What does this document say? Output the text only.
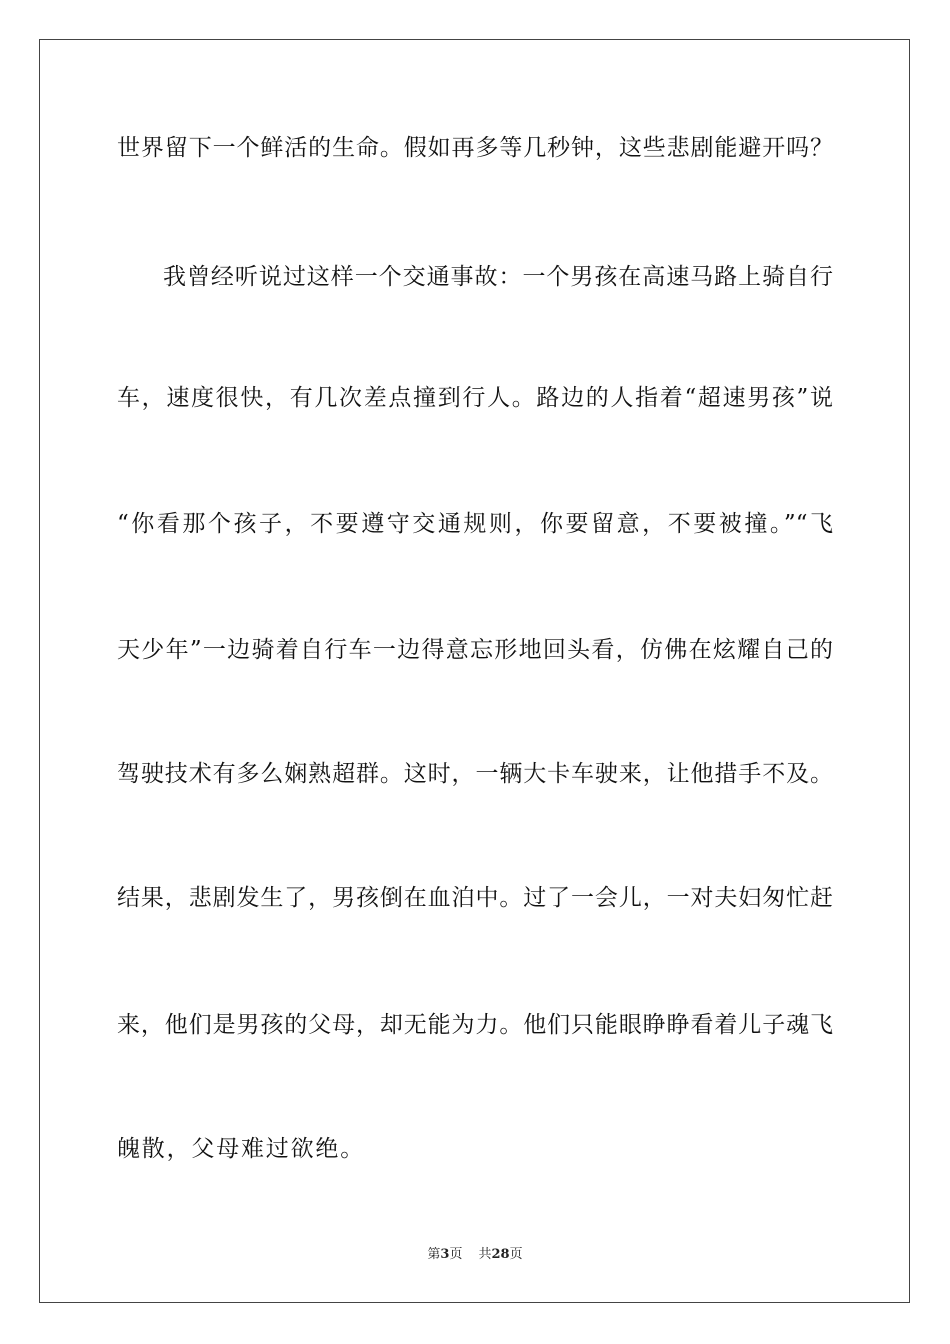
世界留下一个鲜活的生命。假如再多等几秒钟，这些悲剧能避开吗？
我曾经听说过这样一个交通事故：一个男孩在高速马路上骑自行
车，速度很快，有几次差点撞到行人。路边的人指着“超速男孩”说
“你看那个孩子，不要遵守交通规则，你要留意，不要被撞。”“飞
天少年”一边骑着自行车一边得意忘形地回头看，仿佛在炫耀自己的
驾驶技术有多么娴熟超群。这时，一辆大卡车驶来，让他措手不及。
结果，悲剧发生了，男孩倒在血泊中。过了一会儿，一对夫妇匆忙赶
来，他们是男孩的父母，却无能为力。他们只能眼睁睁看着儿子魂飞
魄散，父母难过欲绝。
第3页 共28页
